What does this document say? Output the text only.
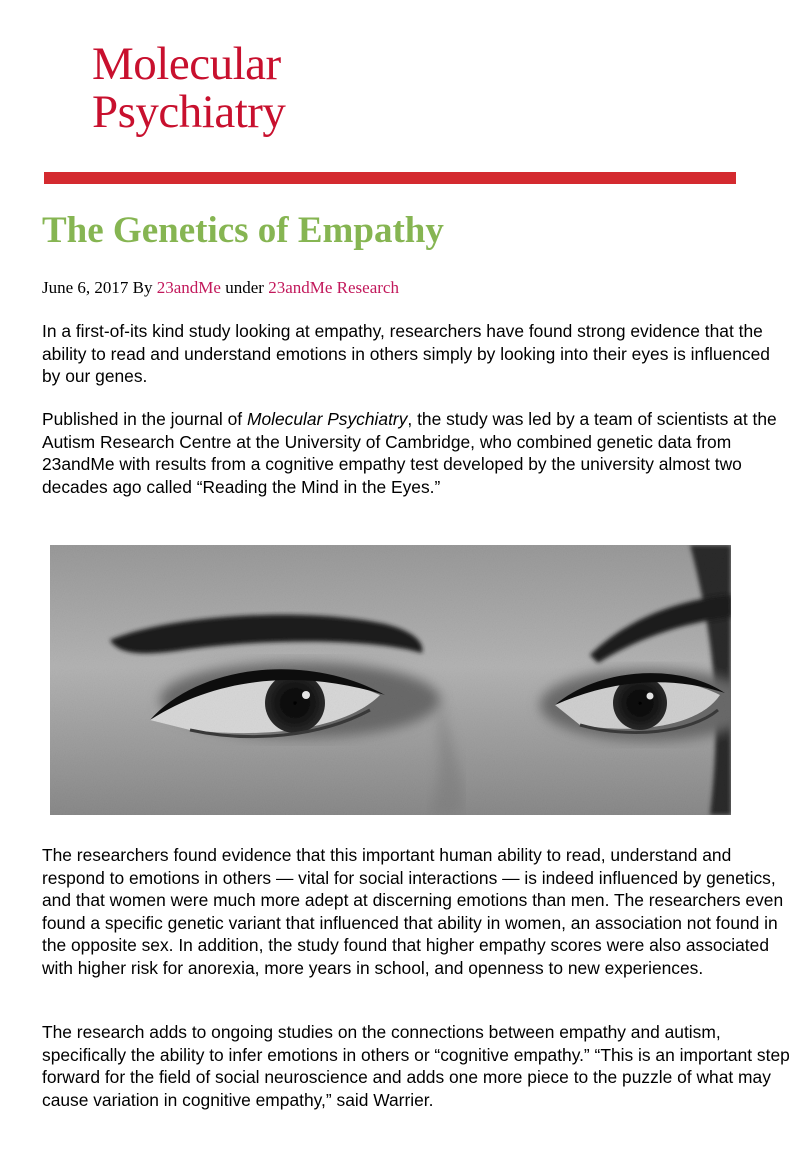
Molecular
Psychiatry
The Genetics of Empathy
June 6, 2017 By 23andMe under 23andMe Research

In a first-of-its kind study looking at empathy, researchers have found strong evidence that the ability to read and understand emotions in others simply by looking into their eyes is influenced by our genes.

Published in the journal of Molecular Psychiatry, the study was led by a team of scientists at the Autism Research Centre at the University of Cambridge, who combined genetic data from 23andMe with results from a cognitive empathy test developed by the university almost two decades ago called “Reading the Mind in the Eyes.”

The researchers found evidence that this important human ability to read, understand and respond to emotions in others — vital for social interactions — is indeed influenced by genetics, and that women were much more adept at discerning emotions than men. The researchers even found a specific genetic variant that influenced that ability in women, an association not found in the opposite sex. In addition, the study found that higher empathy scores were also associated with higher risk for anorexia, more years in school, and openness to new experiences.

The research adds to ongoing studies on the connections between empathy and autism, specifically the ability to infer emotions in others or “cognitive empathy.” “This is an important step forward for the field of social neuroscience and adds one more piece to the puzzle of what may cause variation in cognitive empathy,” said Warrier.
